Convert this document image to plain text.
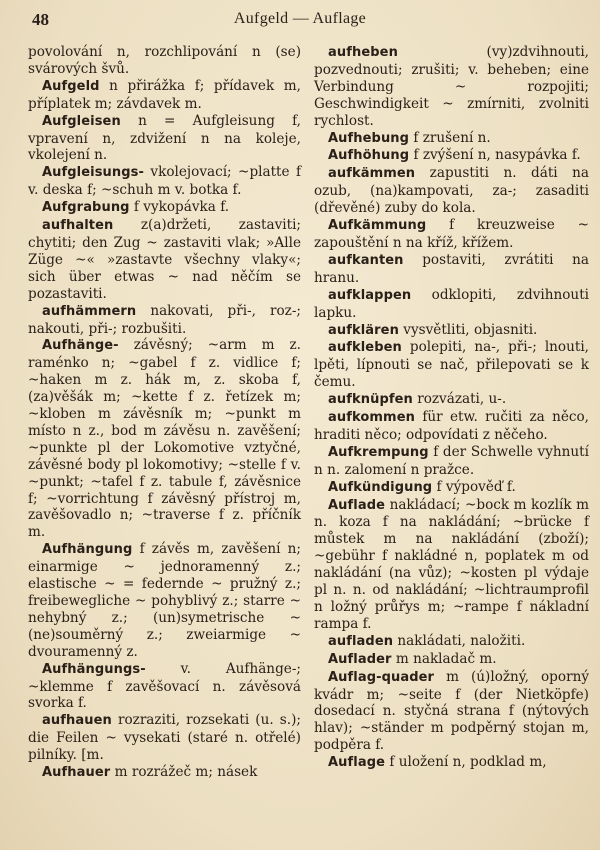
48	Aufgeld — Auflage
povolování n, rozchlipování n (se) svárových švů.
Aufgeld n přirážka f; přídavek m, příplatek m; závdavek m.
Aufgleisen n = Aufgleisung f, vpravení n, zdvižení n na koleje, vkolejení n.
Aufgleisungs- vkolejovací; ~platte f v. deska f; ~schuh m v. botka f.
Aufgrabung f vykopávka f.
aufhalten z(a)držeti, zastaviti; chytiti; den Zug ~ zastaviti vlak; »Alle Züge ~« »zastavte všechny vlaky«; sich über etwas ~ nad něčím se pozastaviti.
aufhämmern nakovati, při-, roz-; nakouti, při-; rozbušiti.
Aufhänge- závěsný; ~arm m z. raménko n; ~gabel f z. vidlice f; ~haken m z. hák m, z. skoba f, (za)věšák m; ~kette f z. řetízek m; ~kloben m závěsník m; ~punkt m místo n z., bod m závěsu n. zavěšení; ~punkte pl der Lokomotive vztyčné, závěsné body pl lokomotivy; ~stelle f v. ~punkt; ~tafel f z. tabule f, závěsnice f; ~vorrichtung f závěsný přístroj m, zavěšovadlo n; ~traverse f z. příčník m.
Aufhängung f závěs m, zavěšení n; einarmige ~ jednoramenný z.; elastische ~ = federnde ~ pružný z.; freibewegliche ~ pohyblivý z.; starre ~ nehybný z.; (un)symetrische ~ (ne)souměrný z.; zweiarmige ~ dvouramenný z.
Aufhängungs-	v. Aufhänge-; ~klemme f zavěšovací n. závěsová svorka f.
aufhauen rozraziti, rozsekati (u. s.); die Feilen ~ vysekati (staré n. otřelé) pilníky. [m.
Aufhauer m rozrážeč m; násek
aufheben	(vy)zdvihnouti, pozvednouti; zrušiti; v. beheben; eine Verbindung ~ rozpojiti; Geschwindigkeit ~ zmírniti, zvolniti rychlost.
Aufhebung f zrušení n.
Aufhöhung f zvýšení n, nasypávka f.
aufkämmen zapustiti n. dáti na ozub, (na)kampovati, za-; zasaditi (dřevěné) zuby do kola.
Aufkämmung f kreuzweise ~ zapouštění n na kříž, křížem.
aufkanten postaviti, zvrátiti na hranu.
aufklappen odklopiti, zdvihnouti lapku.
aufklären vysvětliti, objasniti.
aufkleben polepiti, na-, při-; lnouti, lpěti, lípnouti se nač, přilepovati se k čemu.
aufknüpfen rozvázati, u-.
aufkommen für etw. ručiti za něco, hraditi něco; odpovídati z něčeho.
Aufkrempung f der Schwelle vyhnutí n n. zalomení n pražce.
Aufkündigung f výpověď f.
Auflade nakládací; ~bock m kozlík m n. koza f na nakládání; ~brücke f můstek m na nakládání (zboží); ~gebühr f nakládné n, poplatek m od nakládání (na vůz); ~kosten pl výdaje pl n. n. od nakládání; ~lichtraumprofil n ložný průřys m; ~rampe f nákladní rampa f.
aufladen nakládati, naložiti.
Auflader m nakladač m.
Auflag-quader m (ú)ložný, oporný kvádr m; ~seite f (der Nietköpfe) dosedací n. styčná strana f (nýtových hlav); ~ständer m podpěrný stojan m, podpěra f.
Auflage f uložení n, podklad m,
